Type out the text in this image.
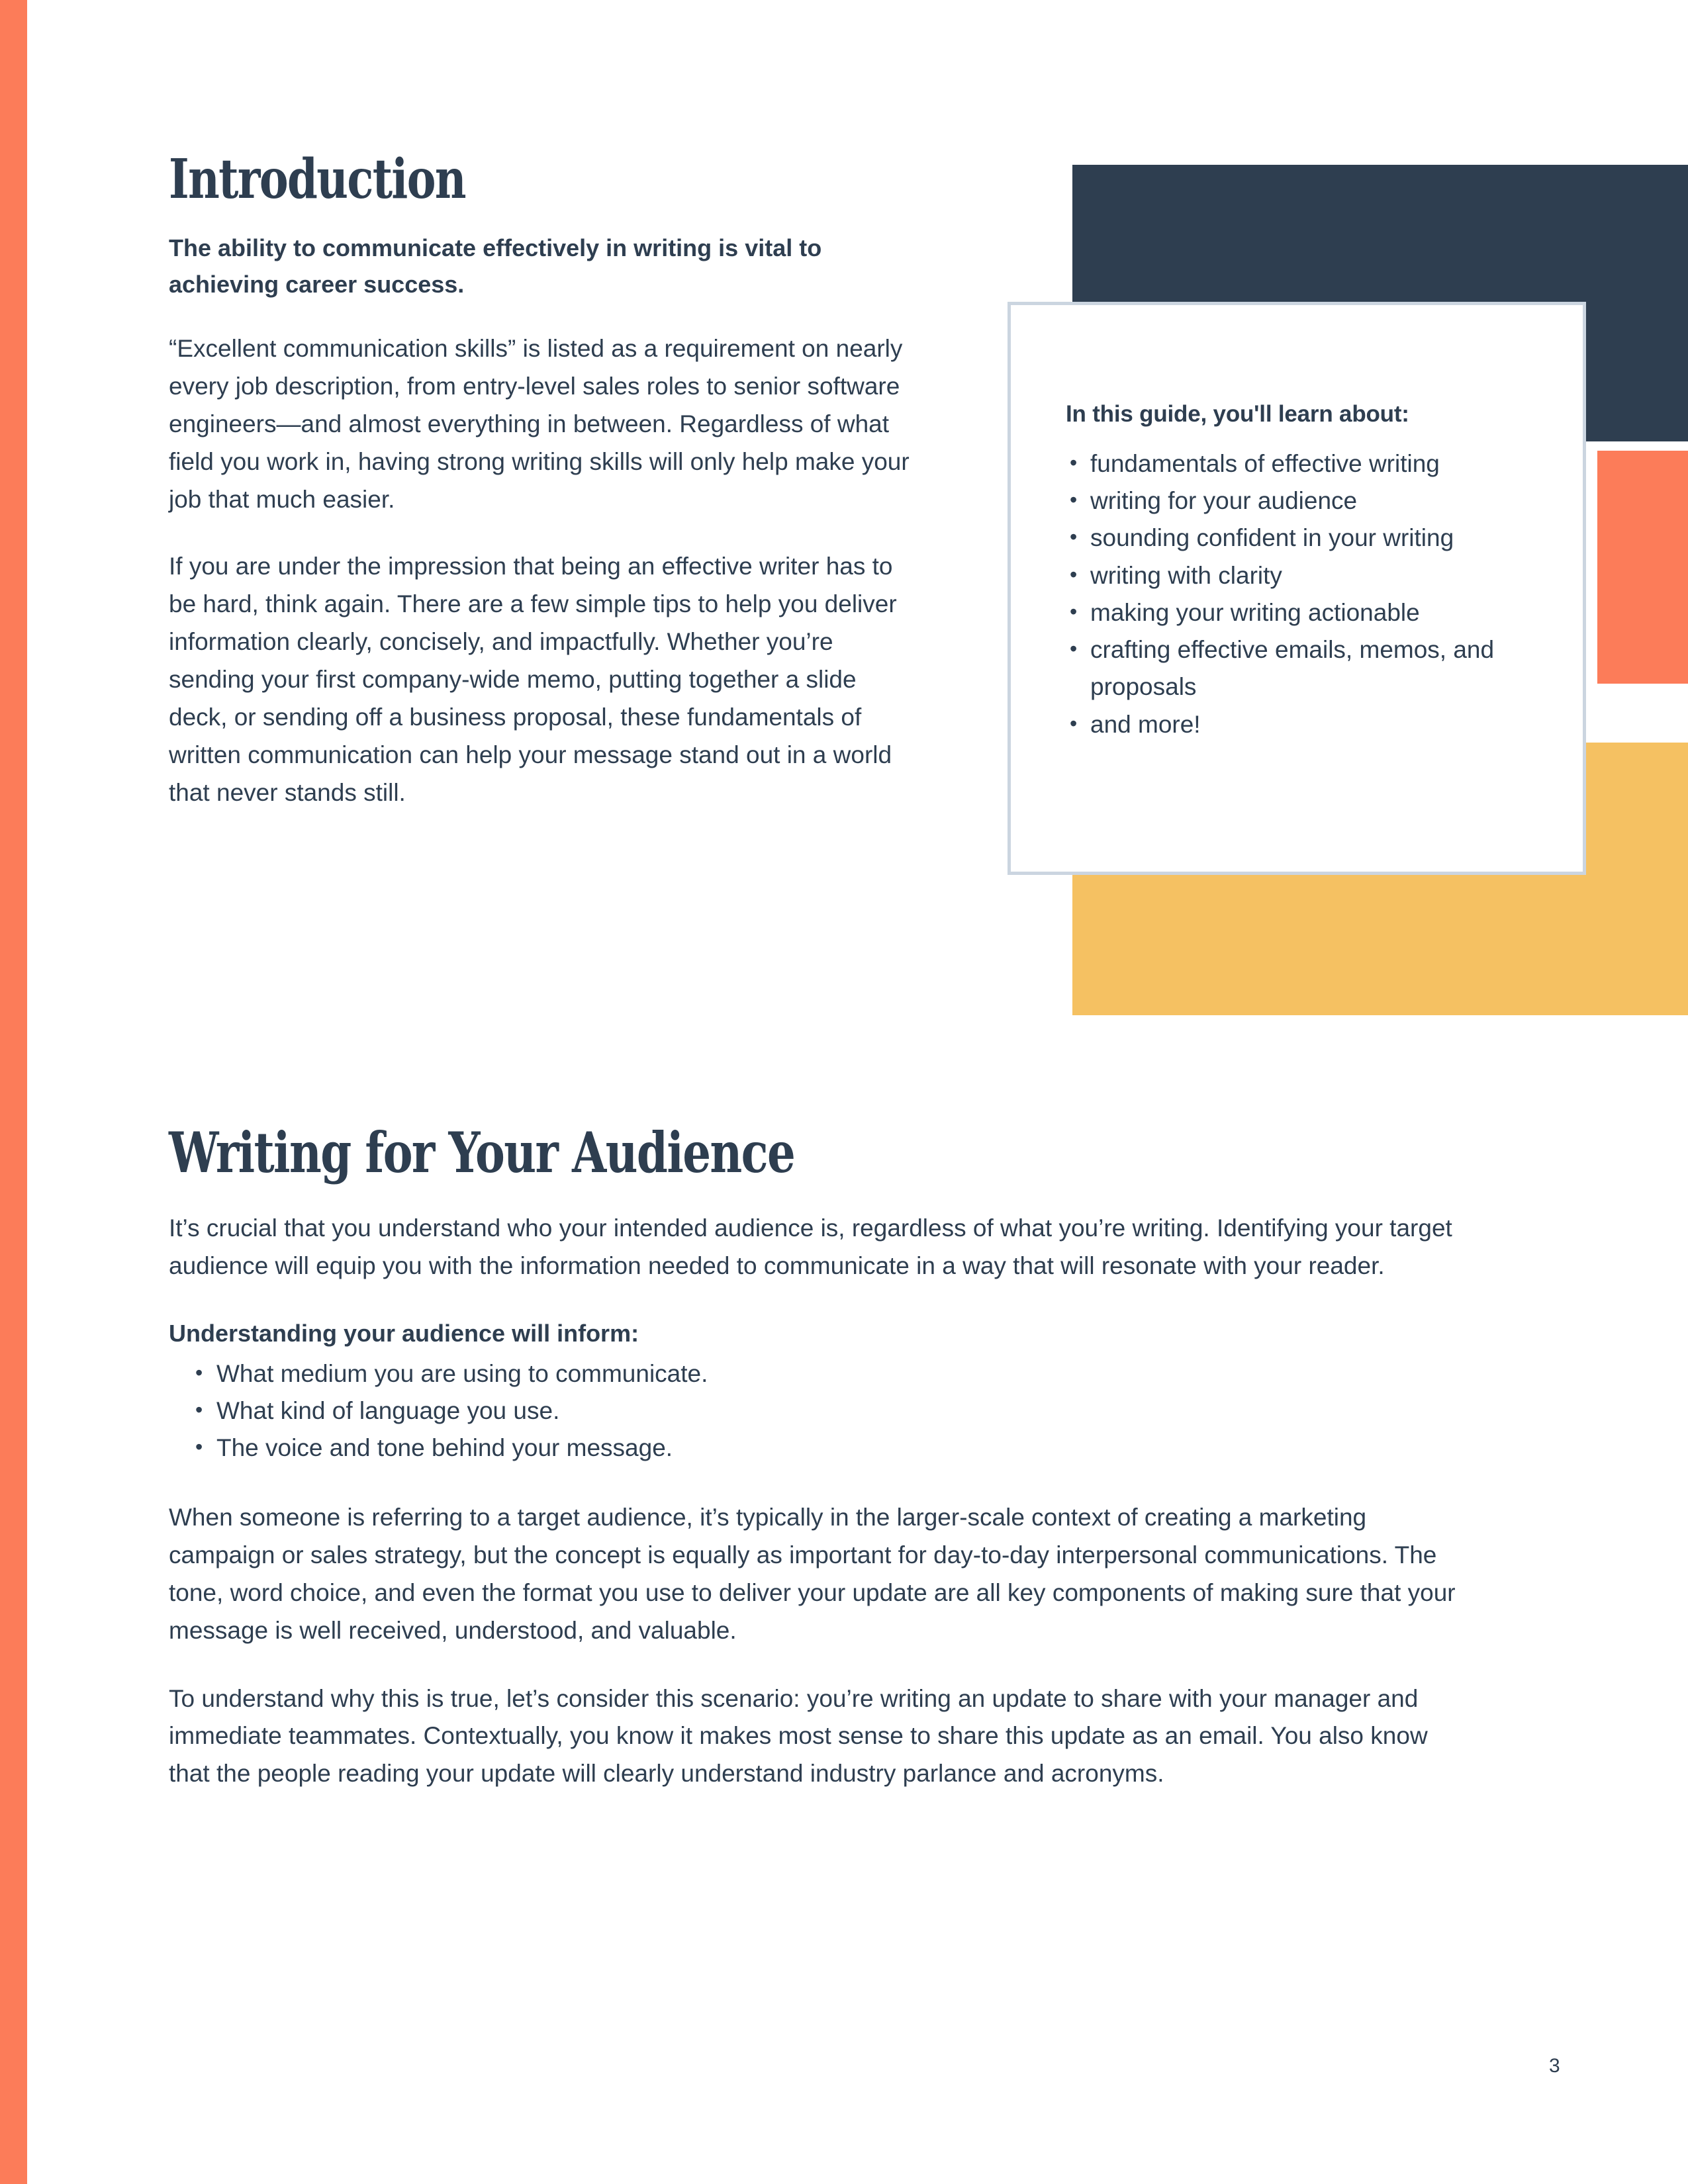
Introduction

The ability to communicate effectively in writing is vital to achieving career success.

“Excellent communication skills” is listed as a requirement on nearly every job description, from entry-level sales roles to senior software engineers—and almost everything in between. Regardless of what field you work in, having strong writing skills will only help make your job that much easier.

If you are under the impression that being an effective writer has to be hard, think again. There are a few simple tips to help you deliver information clearly, concisely, and impactfully. Whether you’re sending your first company-wide memo, putting together a slide deck, or sending off a business proposal, these fundamentals of written communication can help your message stand out in a world that never stands still.

In this guide, you'll learn about:
• fundamentals of effective writing
• writing for your audience
• sounding confident in your writing
• writing with clarity
• making your writing actionable
• crafting effective emails, memos, and proposals
• and more!
Writing for Your Audience

It’s crucial that you understand who your intended audience is, regardless of what you’re writing. Identifying your target audience will equip you with the information needed to communicate in a way that will resonate with your reader.

Understanding your audience will inform:

• What medium you are using to communicate.
• What kind of language you use.
• The voice and tone behind your message.

When someone is referring to a target audience, it’s typically in the larger-scale context of creating a marketing campaign or sales strategy, but the concept is equally as important for day-to-day interpersonal communications. The tone, word choice, and even the format you use to deliver your update are all key components of making sure that your message is well received, understood, and valuable.

To understand why this is true, let’s consider this scenario: you’re writing an update to share with your manager and immediate teammates. Contextually, you know it makes most sense to share this update as an email. You also know that the people reading your update will clearly understand industry parlance and acronyms.

3
